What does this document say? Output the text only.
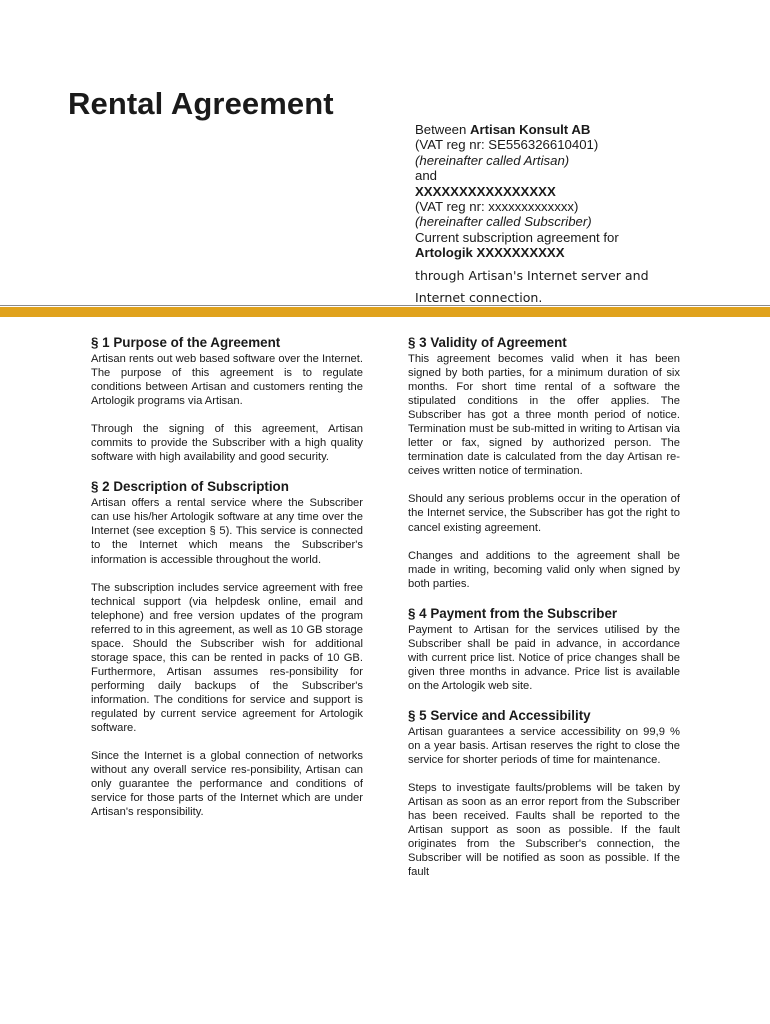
Rental Agreement
Between Artisan Konsult AB
(VAT reg nr: SE556326610401)
(hereinafter called Artisan)
and
XXXXXXXXXXXXXXXX
(VAT reg nr: xxxxxxxxxxxxx)
(hereinafter called Subscriber)
Current subscription agreement for
Artologik XXXXXXXXXX
through Artisan's Internet server and
Internet connection.
§ 1 Purpose of the Agreement

Artisan rents out web based software over the Internet. The purpose of this agreement is to regulate conditions between Artisan and customers renting the Artologik programs via Artisan.

Through the signing of this agreement, Artisan commits to provide the Subscriber with a high quality software with high availability and good security.

§ 2 Description of Subscription

Artisan offers a rental service where the Subscriber can use his/her Artologik software at any time over the Internet (see exception § 5). This service is connected to the Internet which means the Subscriber's information is accessible throughout the world.

The subscription includes service agreement with free technical support (via helpdesk online, email and telephone) and free version updates of the program referred to in this agreement, as well as 10 GB storage space. Should the Subscriber wish for additional storage space, this can be rented in packs of 10 GB. Furthermore, Artisan assumes res-ponsibility for performing daily backups of the Subscriber's information. The conditions for service and support is regulated by current service agreement for Artologik software.

Since the Internet is a global connection of networks without any overall service res-ponsibility, Artisan can only guarantee the performance and conditions of service for those parts of the Internet which are under Artisan's responsibility.

§ 3 Validity of Agreement

This agreement becomes valid when it has been signed by both parties, for a minimum duration of six months. For short time rental of a software the stipulated conditions in the offer applies. The Subscriber has got a three month period of notice. Termination must be sub-mitted in writing to Artisan via letter or fax, signed by authorized person. The termination date is calculated from the day Artisan re-ceives written notice of termination.

Should any serious problems occur in the operation of the Internet service, the Subscriber has got the right to cancel existing agreement.

Changes and additions to the agreement shall be made in writing, becoming valid only when signed by both parties.

§ 4 Payment from the Subscriber

Payment to Artisan for the services utilised by the Subscriber shall be paid in advance, in accordance with current price list. Notice of price changes shall be given three months in advance. Price list is available on the Artologik web site.

§ 5 Service and Accessibility

Artisan guarantees a service accessibility on 99,9 % on a year basis. Artisan reserves the right to close the service for shorter periods of time for maintenance.

Steps to investigate faults/problems will be taken by Artisan as soon as an error report from the Subscriber has been received. Faults shall be reported to the Artisan support as soon as possible. If the fault originates from the Subscriber's connection, the Subscriber will be notified as soon as possible. If the fault
